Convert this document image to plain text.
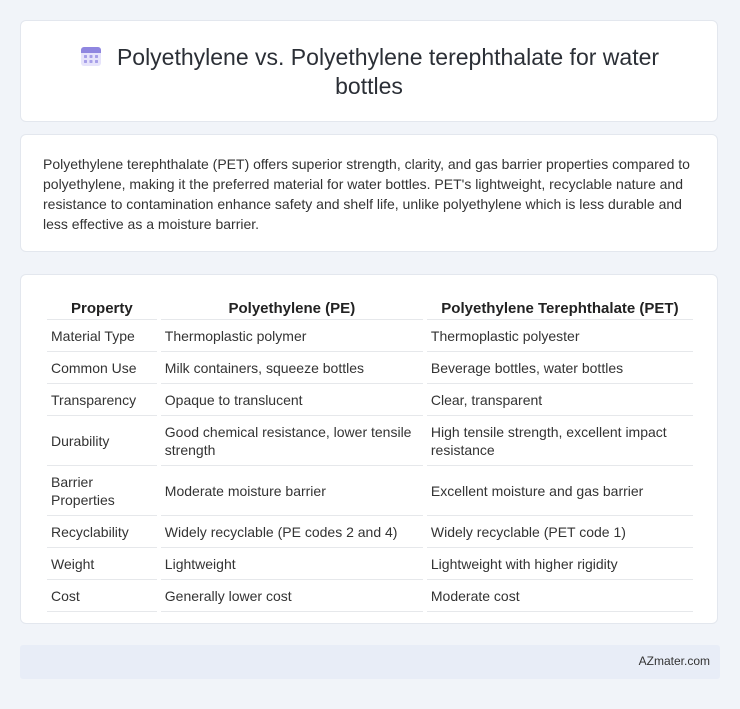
Polyethylene vs. Polyethylene terephthalate for water bottles

Polyethylene terephthalate (PET) offers superior strength, clarity, and gas barrier properties compared to polyethylene, making it the preferred material for water bottles. PET's lightweight, recyclable nature and resistance to contamination enhance safety and shelf life, unlike polyethylene which is less durable and less effective as a moisture barrier.

Property	Polyethylene (PE)	Polyethylene Terephthalate (PET)
Material Type	Thermoplastic polymer	Thermoplastic polyester
Common Use	Milk containers, squeeze bottles	Beverage bottles, water bottles
Transparency	Opaque to translucent	Clear, transparent
Durability	Good chemical resistance, lower tensile strength	High tensile strength, excellent impact resistance
Barrier Properties	Moderate moisture barrier	Excellent moisture and gas barrier
Recyclability	Widely recyclable (PE codes 2 and 4)	Widely recyclable (PET code 1)
Weight	Lightweight	Lightweight with higher rigidity
Cost	Generally lower cost	Moderate cost
AZmater.com
